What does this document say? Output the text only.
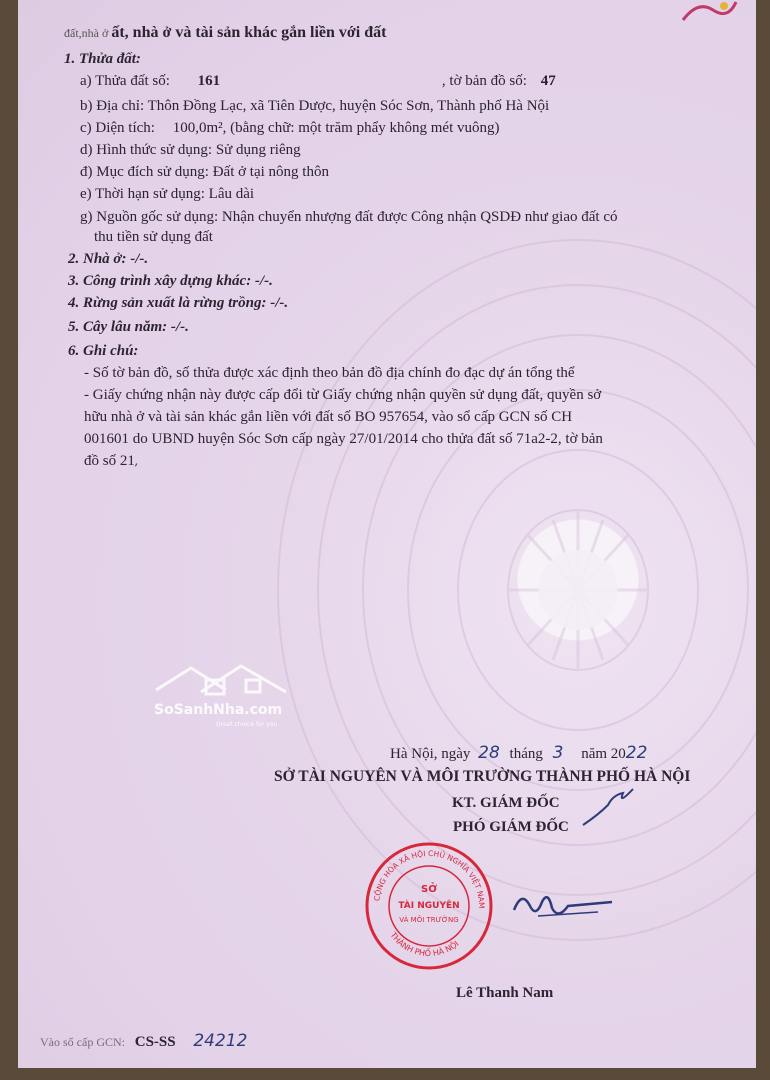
đất,nhà ở ất, nhà ở và tài sản khác gắn liền với đất
1. Thửa đất:
a) Thửa đất số: 161	, tờ bản đồ số: 47
b) Địa chỉ: Thôn Đồng Lạc, xã Tiên Dược, huyện Sóc Sơn, Thành phố Hà Nội
c) Diện tích: 100,0m², (bằng chữ: một trăm phẩy không mét vuông)
d) Hình thức sử dụng: Sử dụng riêng
đ) Mục đích sử dụng: Đất ở tại nông thôn
e) Thời hạn sử dụng: Lâu dài
g) Nguồn gốc sử dụng: Nhận chuyển nhượng đất được Công nhận QSDĐ như giao đất có
thu tiền sử dụng đất
2. Nhà ở: -/-.
3. Công trình xây dựng khác: -/-.
4. Rừng sản xuất là rừng trồng: -/-.
5. Cây lâu năm: -/-.
6. Ghi chú:
- Số tờ bản đồ, số thửa được xác định theo bản đồ địa chính đo đạc dự án tổng thể
- Giấy chứng nhận này được cấp đổi từ Giấy chứng nhận quyền sử dụng đất, quyền sở
hữu nhà ở và tài sản khác gắn liền với đất số BO 957654, vào sổ cấp GCN số CH
001601 do UBND huyện Sóc Sơn cấp ngày 27/01/2014 cho thửa đất số 71a2-2, tờ bản
đồ số 21,
SoSanhNha.com
Great choice for you
Hà Nội, ngày 28 tháng 3 năm 2022
SỞ TÀI NGUYÊN VÀ MÔI TRƯỜNG THÀNH PHỐ HÀ NỘI
KT. GIÁM ĐỐC
PHÓ GIÁM ĐỐC
CỘNG HÒA XÃ HỘI CHỦ NGHĨA VIỆT NAM
THÀNH PHỐ HÀ NỘI
SỞ
TÀI NGUYÊN
VÀ MÔI TRƯỜNG
Lê Thanh Nam
Vào sổ cấp GCN: CS-SS 24212
